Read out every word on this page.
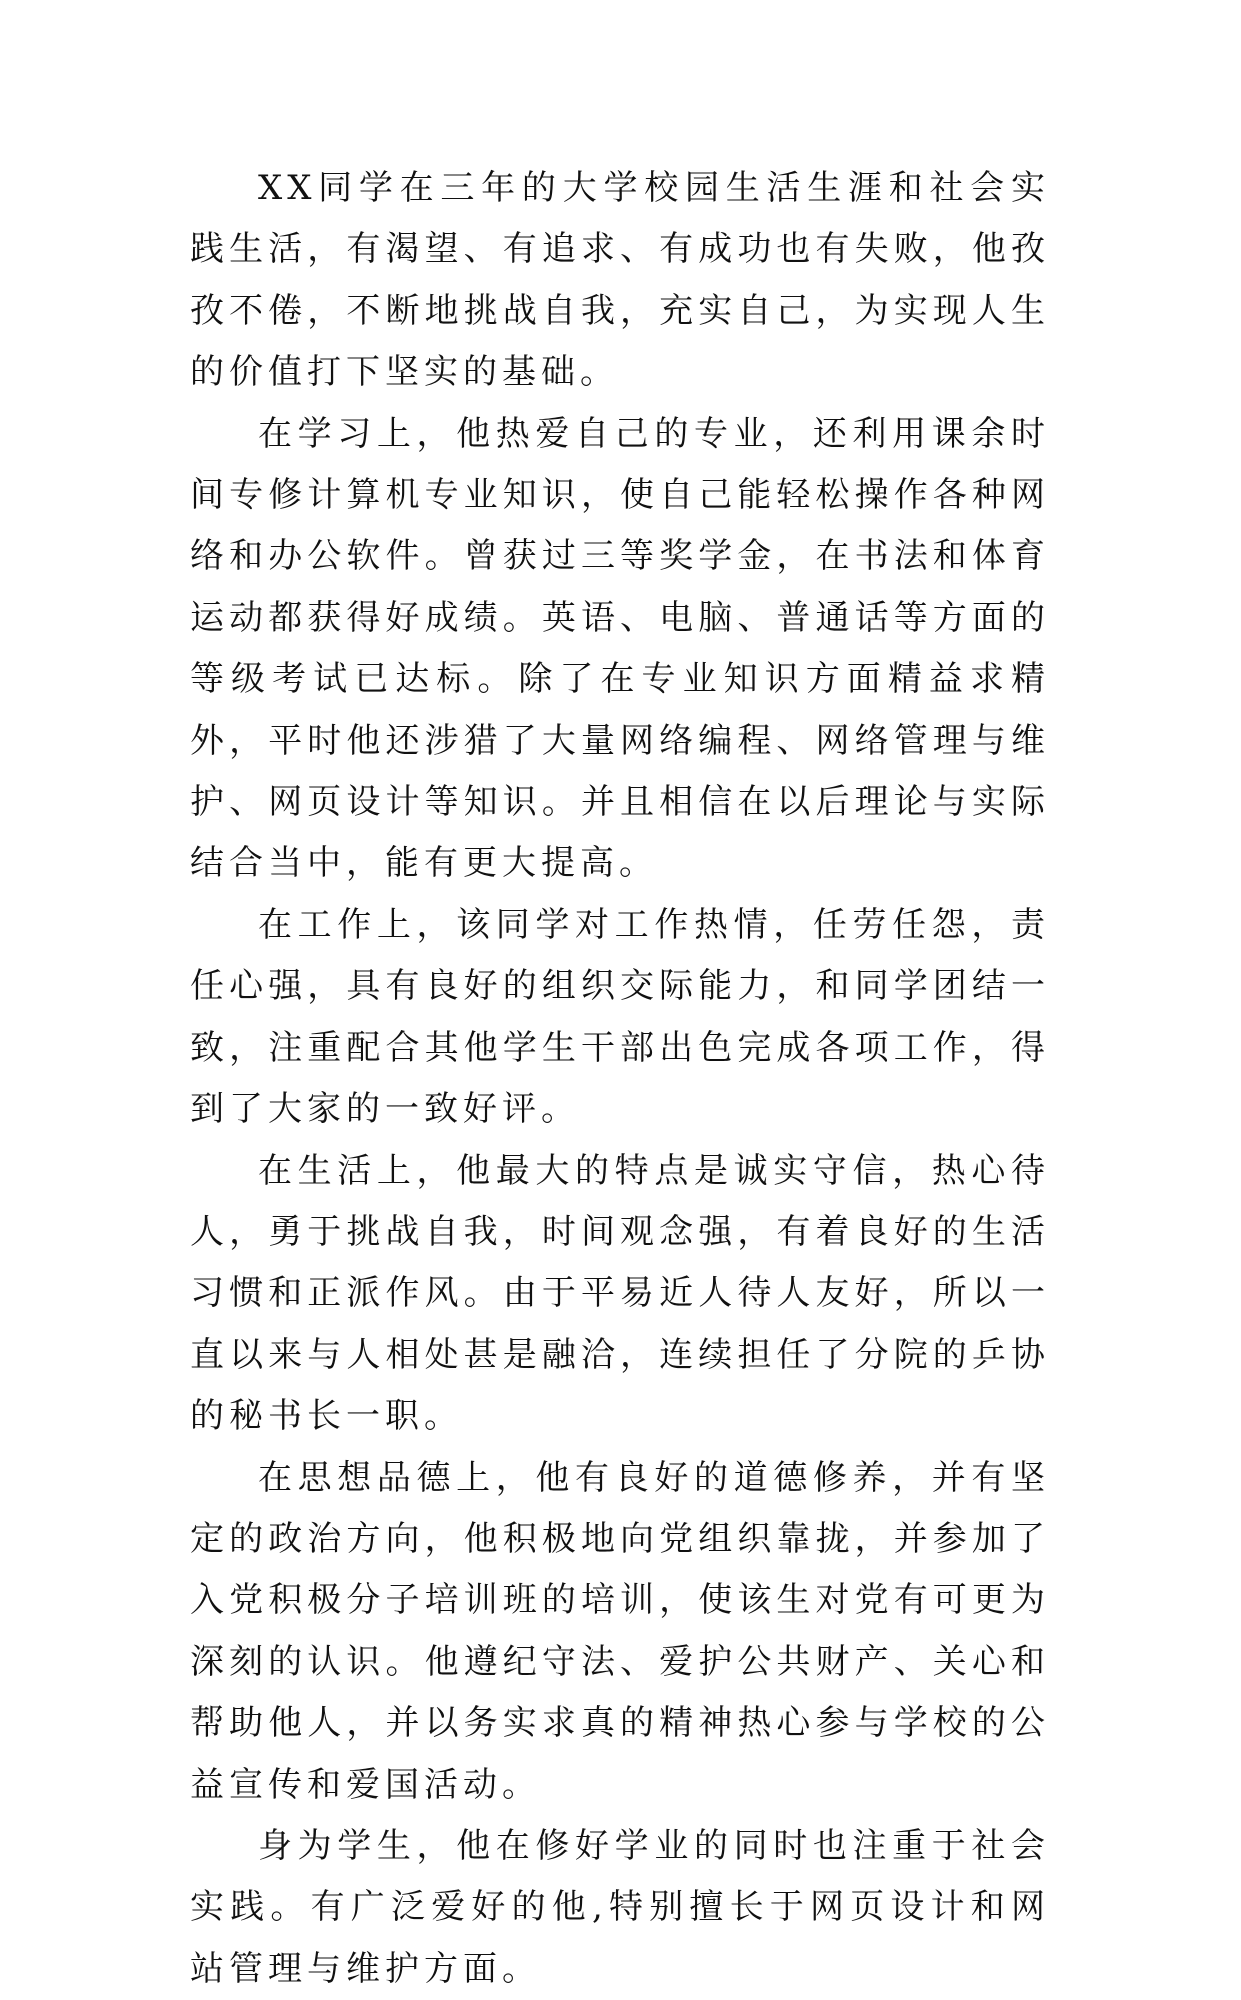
XX同学在三年的大学校园生活生涯和社会实践生活，有渴望、有追求、有成功也有失败，他孜孜不倦，不断地挑战自我，充实自己，为实现人生的价值打下坚实的基础。

在学习上，他热爱自己的专业，还利用课余时间专修计算机专业知识，使自己能轻松操作各种网络和办公软件。曾获过三等奖学金，在书法和体育运动都获得好成绩。英语、电脑、普通话等方面的等级考试已达标。除了在专业知识方面精益求精外，平时他还涉猎了大量网络编程、网络管理与维护、网页设计等知识。并且相信在以后理论与实际结合当中，能有更大提高。

在工作上，该同学对工作热情，任劳任怨，责任心强，具有良好的组织交际能力，和同学团结一致，注重配合其他学生干部出色完成各项工作，得到了大家的一致好评。

在生活上，他最大的特点是诚实守信，热心待人，勇于挑战自我，时间观念强，有着良好的生活习惯和正派作风。由于平易近人待人友好，所以一直以来与人相处甚是融洽，连续担任了分院的乒协的秘书长一职。

在思想品德上，他有良好的道德修养，并有坚定的政治方向，他积极地向党组织靠拢，并参加了入党积极分子培训班的培训，使该生对党有可更为深刻的认识。他遵纪守法、爱护公共财产、关心和帮助他人，并以务实求真的精神热心参与学校的公益宣传和爱国活动。

身为学生，他在修好学业的同时也注重于社会实践。有广泛爱好的他,特别擅长于网页设计和网站管理与维护方面。
